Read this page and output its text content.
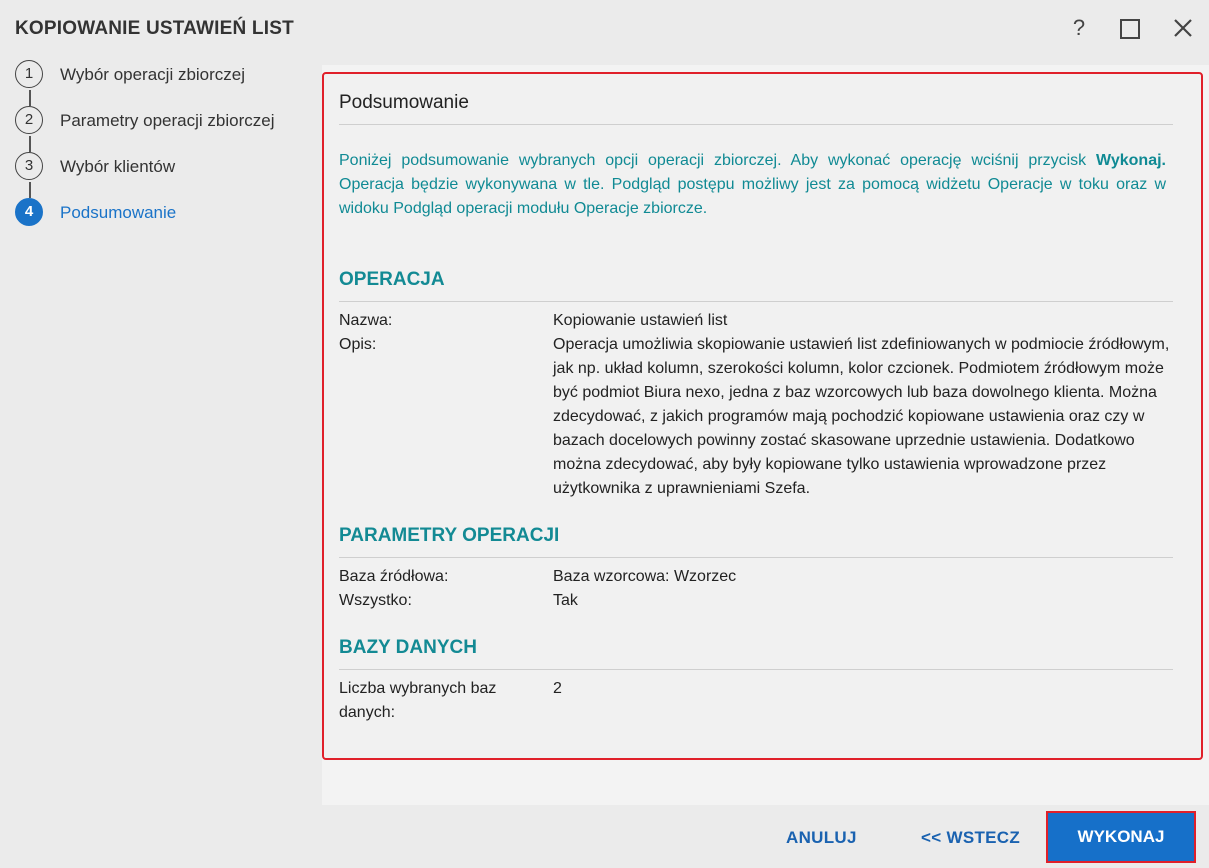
KOPIOWANIE USTAWIEŃ LIST	?
1	Wybór operacji zbiorczej
2	Parametry operacji zbiorczej
3	Wybór klientów
4	Podsumowanie
Podsumowanie
Poniżej podsumowanie wybranych opcji operacji zbiorczej. Aby wykonać operację wciśnij przycisk Wykonaj. Operacja będzie wykonywana w tle. Podgląd postępu możliwy jest za pomocą widżetu Operacje w toku oraz w widoku Podgląd operacji modułu Operacje zbiorcze.
OPERACJA
Nazwa:	Kopiowanie ustawień list
Opis:	Operacja umożliwia skopiowanie ustawień list zdefiniowanych w podmiocie źródłowym, jak np. układ kolumn, szerokości kolumn, kolor czcionek. Podmiotem źródłowym może być podmiot Biura nexo, jedna z baz wzorcowych lub baza dowolnego klienta. Można zdecydować, z jakich programów mają pochodzić kopiowane ustawienia oraz czy w bazach docelowych powinny zostać skasowane uprzednie ustawienia. Dodatkowo można zdecydować, aby były kopiowane tylko ustawienia wprowadzone przez użytkownika z uprawnieniami Szefa.
PARAMETRY OPERACJI
Baza źródłowa:	Baza wzorcowa: Wzorzec
Wszystko:	Tak
BAZY DANYCH
Liczba wybranych baz danych:
2
ANULUJ	<< WSTECZ	WYKONAJ
